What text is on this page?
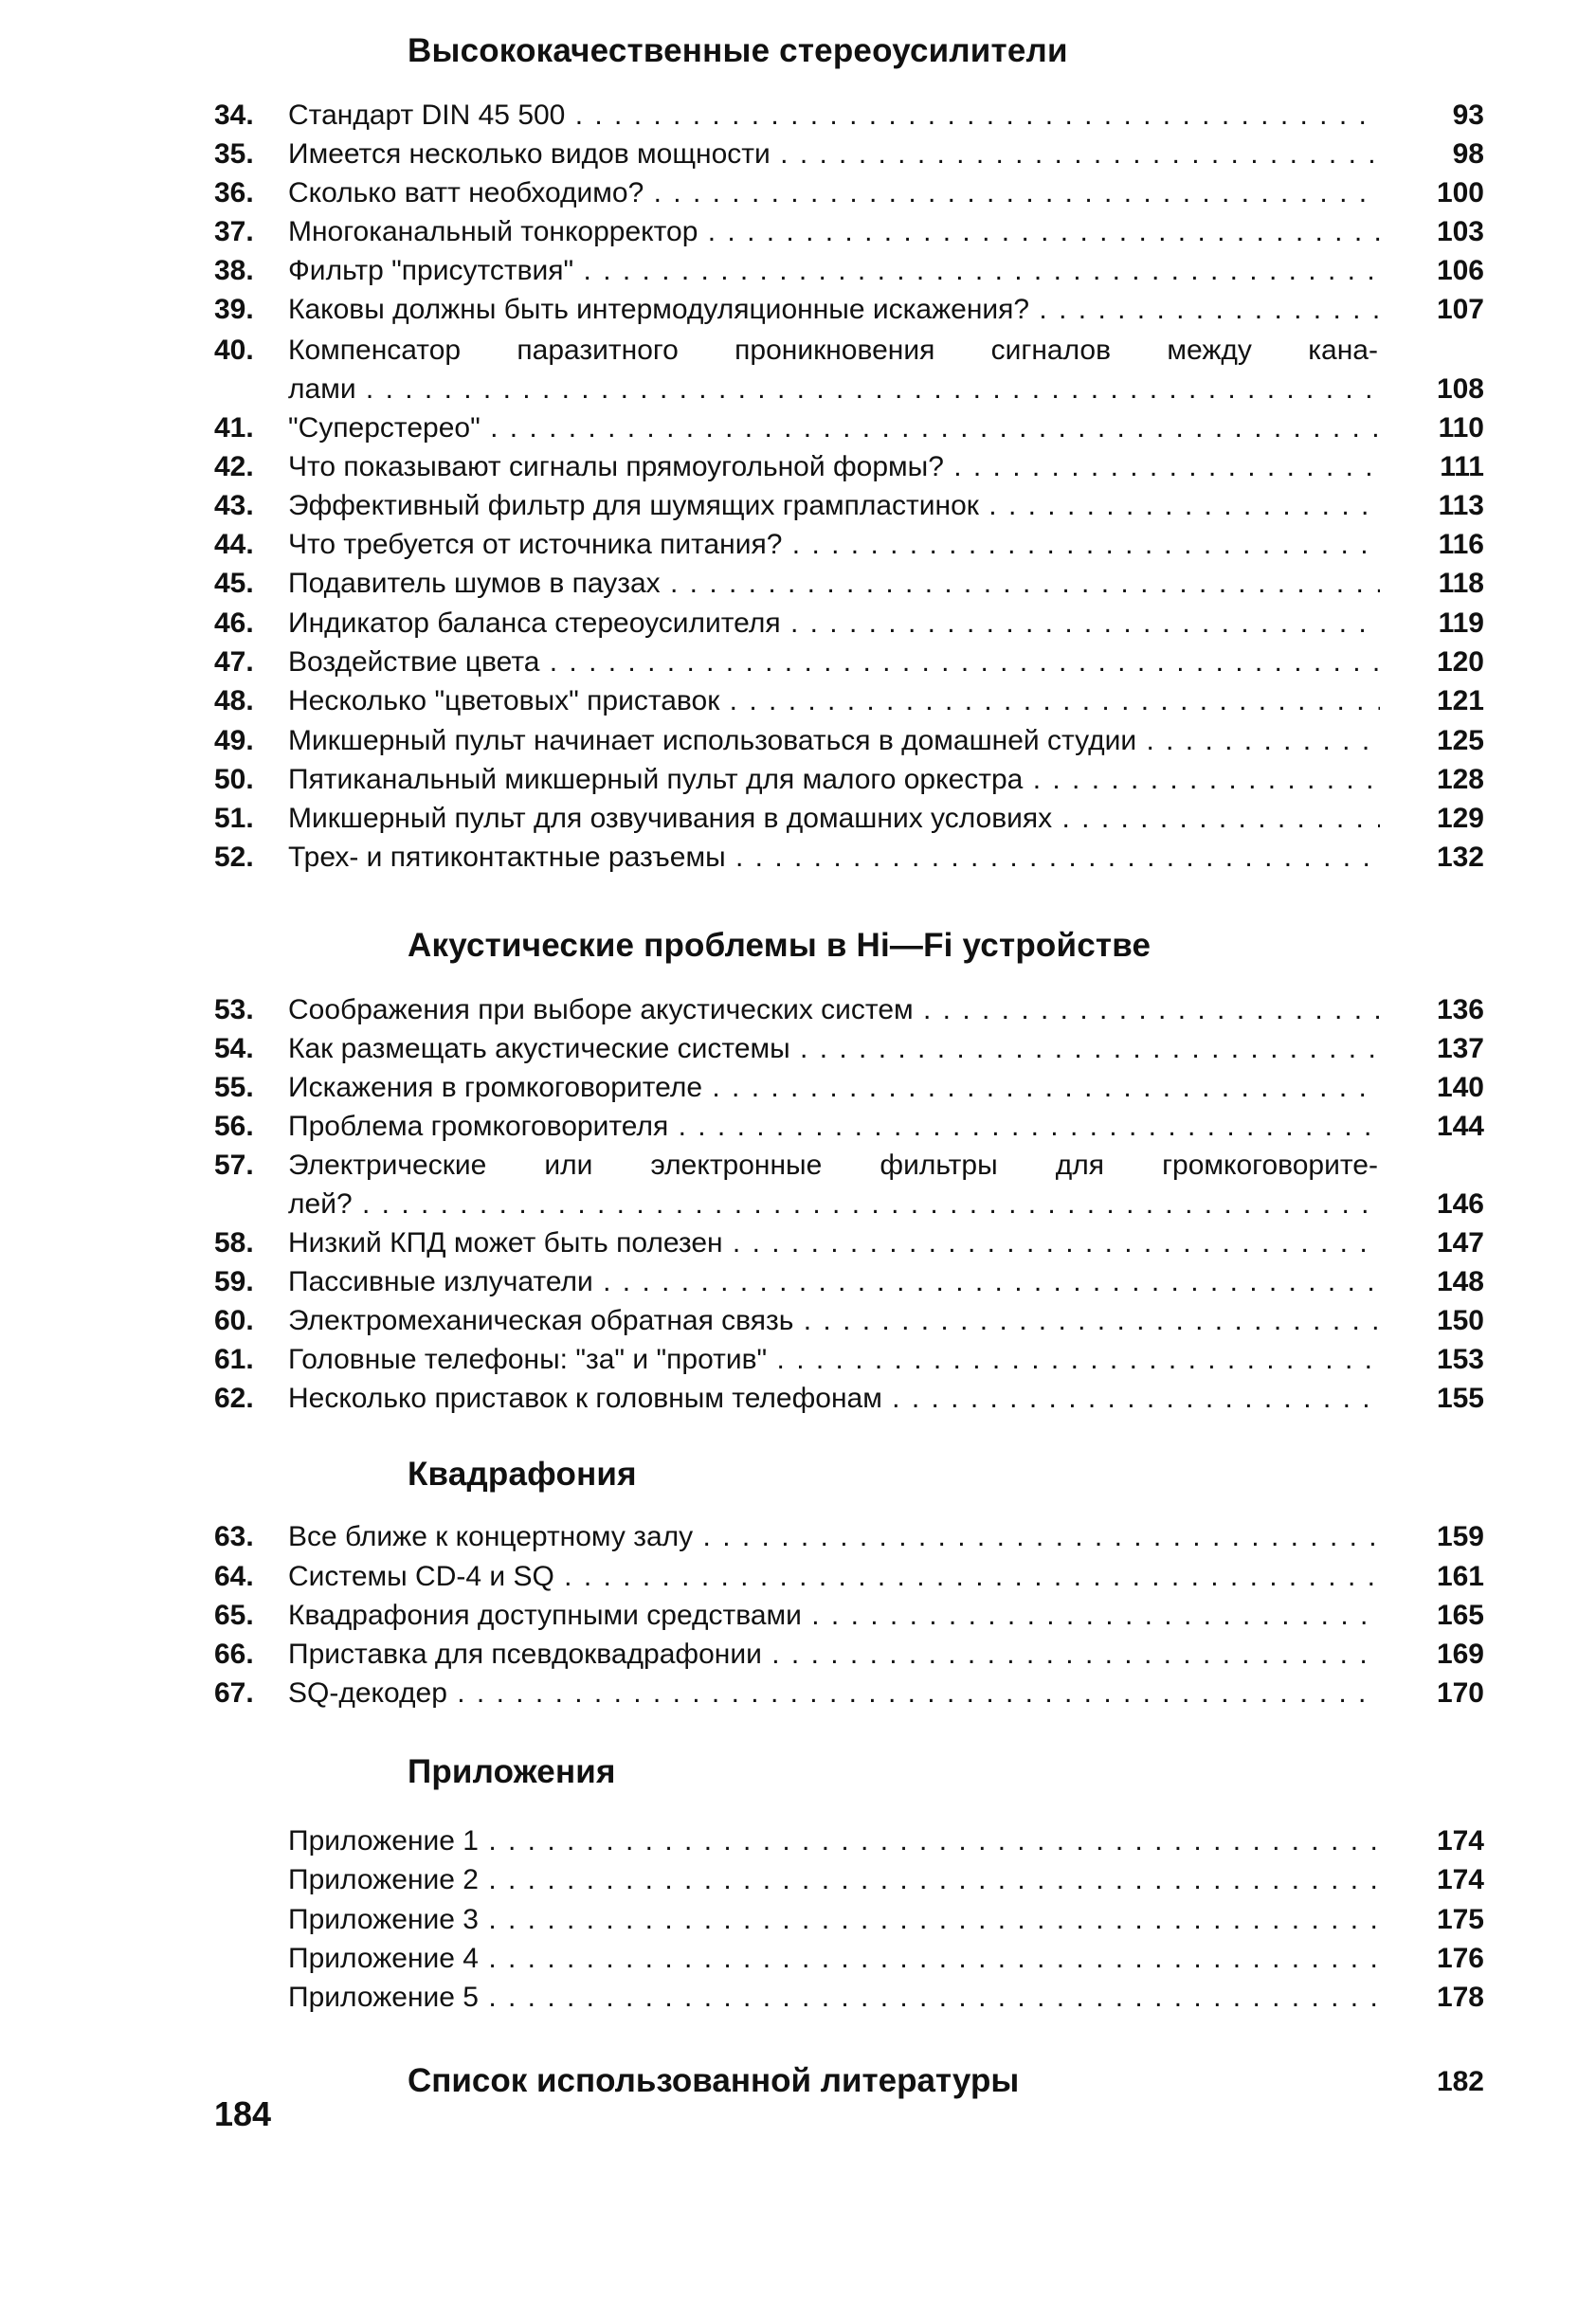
Высококачественные стереоусилители
34.	Стандарт DIN 45 500 . . .	93
35.	Имеется несколько видов мощности . . .	98
36.	Сколько ватт необходимо? . . .	100
37.	Многоканальный тонкорректор . . .	103
38.	Фильтр "присутствия" . . .	106
39.	Каковы должны быть интермодуляционные искажения? . . .	107
40.	Компенсатор паразитного проникновения сигналов между кана-
лами . . .	108
41.	"Суперстерео" . . .	110
42.	Что показывают сигналы прямоугольной формы? . . .	111
43.	Эффективный фильтр для шумящих грампластинок . . .	113
44.	Что требуется от источника питания? . . .	116
45.	Подавитель шумов в паузах . . .	118
46.	Индикатор баланса стереоусилителя . . .	119
47.	Воздействие цвета . . .	120
48.	Несколько "цветовых" приставок . . .	121
49.	Микшерный пульт начинает использоваться в домашней студии . . .	125
50.	Пятиканальный микшерный пульт для малого оркестра . . .	128
51.	Микшерный пульт для озвучивания в домашних условиях . . .	129
52.	Трех- и пятиконтактные разъемы . . .	132
Акустические проблемы в Hi—Fi устройстве
53.	Соображения при выборе акустических систем . . .	136
54.	Как размещать акустические системы . . .	137
55.	Искажения в громкоговорителе . . .	140
56.	Проблема громкоговорителя . . .	144
57.	Электрические или электронные фильтры для громкоговорите-
лей? . . .	146
58.	Низкий КПД может быть полезен . . .	147
59.	Пассивные излучатели . . .	148
60.	Электромеханическая обратная связь . . .	150
61.	Головные телефоны: "за" и "против" . . .	153
62.	Несколько приставок к головным телефонам . . .	155
Квадрафония
63.	Все ближе к концертному залу . . .	159
64.	Системы CD-4 и SQ . . .	161
65.	Квадрафония доступными средствами . . .	165
66.	Приставка для псевдоквадрафонии . . .	169
67.	SQ-декодер . . .	170
Приложения
Приложение 1 . . .	174
Приложение 2 . . .	174
Приложение 3 . . .	175
Приложение 4 . . .	176
Приложение 5 . . .	178
Список использованной литературы	182
184
